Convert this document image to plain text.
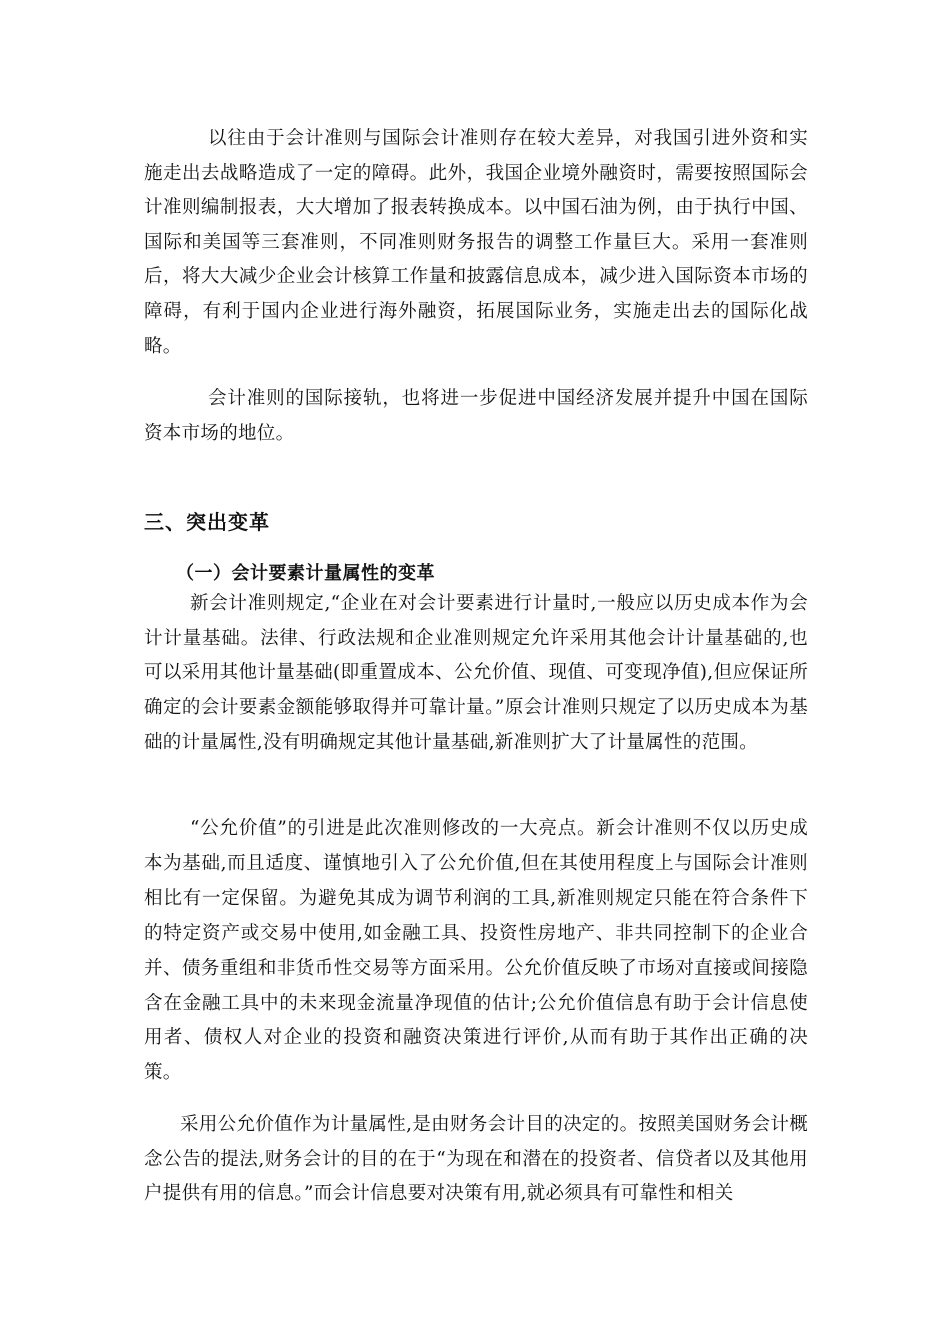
以往由于会计准则与国际会计准则存在较大差异，对我国引进外资和实施走出去战略造成了一定的障碍。此外，我国企业境外融资时，需要按照国际会计准则编制报表，大大增加了报表转换成本。以中国石油为例，由于执行中国、国际和美国等三套准则，不同准则财务报告的调整工作量巨大。采用一套准则后，将大大减少企业会计核算工作量和披露信息成本，减少进入国际资本市场的障碍，有利于国内企业进行海外融资，拓展国际业务，实施走出去的国际化战略。

会计准则的国际接轨，也将进一步促进中国经济发展并提升中国在国际资本市场的地位。

三、突出变革
（一）会计要素计量属性的变革

新会计准则规定,“企业在对会计要素进行计量时,一般应以历史成本作为会计计量基础。法律、行政法规和企业准则规定允许采用其他会计计量基础的,也可以采用其他计量基础(即重置成本、公允价值、现值、可变现净值),但应保证所确定的会计要素金额能够取得并可靠计量。”原会计准则只规定了以历史成本为基础的计量属性,没有明确规定其他计量基础,新准则扩大了计量属性的范围。

“公允价值”的引进是此次准则修改的一大亮点。新会计准则不仅以历史成本为基础,而且适度、谨慎地引入了公允价值,但在其使用程度上与国际会计准则相比有一定保留。为避免其成为调节利润的工具,新准则规定只能在符合条件下的特定资产或交易中使用,如金融工具、投资性房地产、非共同控制下的企业合并、债务重组和非货币性交易等方面采用。公允价值反映了市场对直接或间接隐含在金融工具中的未来现金流量净现值的估计;公允价值信息有助于会计信息使用者、债权人对企业的投资和融资决策进行评价,从而有助于其作出正确的决策。

采用公允价值作为计量属性,是由财务会计目的决定的。按照美国财务会计概念公告的提法,财务会计的目的在于“为现在和潜在的投资者、信贷者以及其他用户提供有用的信息。”而会计信息要对决策有用,就必须具有可靠性和相关
